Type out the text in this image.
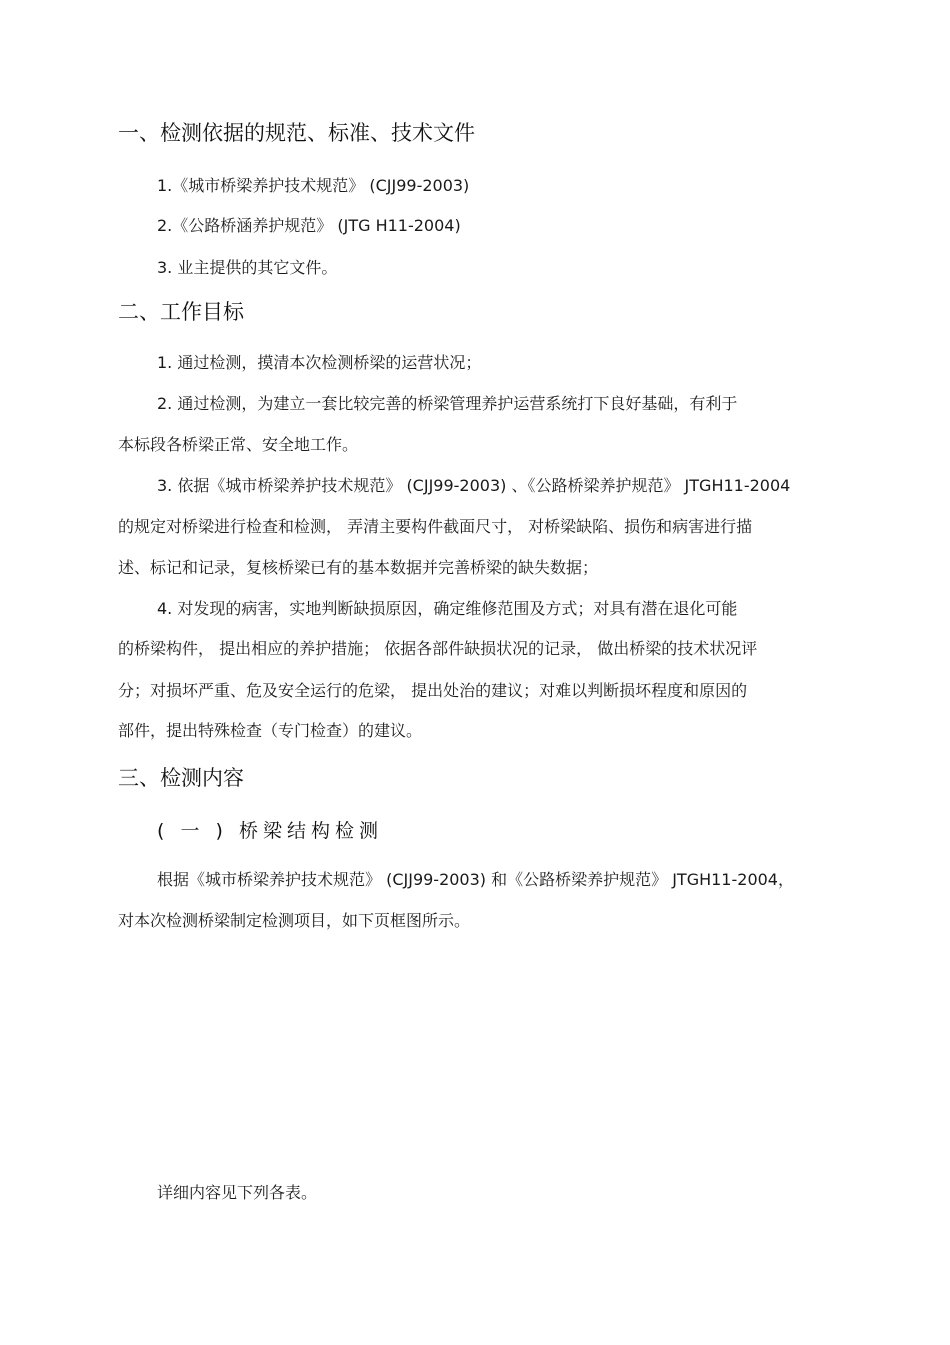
一、检测依据的规范、标准、技术文件
1.《城市桥梁养护技术规范》 (CJJ99-2003)
2.《公路桥涵养护规范》 (JTG H11-2004)
3. 业主提供的其它文件。
二、工作目标
1. 通过检测，摸清本次检测桥梁的运营状况；
2. 通过检测，为建立一套比较完善的桥梁管理养护运营系统打下良好基础，有利于
本标段各桥梁正常、安全地工作。
3. 依据《城市桥梁养护技术规范》 (CJJ99-2003) 、《公路桥梁养护规范》 JTGH11-2004
的规定对桥梁进行检查和检测， 弄清主要构件截面尺寸， 对桥梁缺陷、损伤和病害进行描
述、标记和记录，复核桥梁已有的基本数据并完善桥梁的缺失数据；
4. 对发现的病害，实地判断缺损原因，确定维修范围及方式；对具有潜在退化可能
的桥梁构件， 提出相应的养护措施； 依据各部件缺损状况的记录， 做出桥梁的技术状况评
分；对损坏严重、危及安全运行的危梁， 提出处治的建议；对难以判断损坏程度和原因的
部件，提出特殊检查（专门检查）的建议。
三、检测内容
( 一 ) 桥梁结构检测
根据《城市桥梁养护技术规范》 (CJJ99-2003) 和《公路桥梁养护规范》 JTGH11-2004，
对本次检测桥梁制定检测项目，如下页框图所示。
详细内容见下列各表。
